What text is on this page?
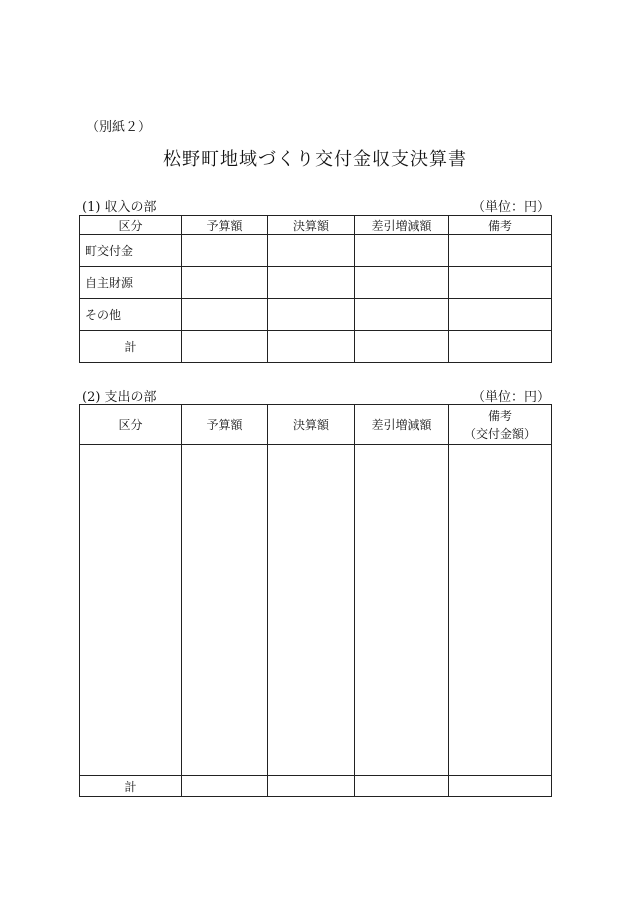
（別紙２）
松野町地域づくり交付金収支決算書
(1) 収入の部	（単位：円）
区分	予算額	決算額	差引増減額	備考
町交付金				
自主財源				
その他				
計				
(2) 支出の部	（単位：円）
区分	予算額	決算額	差引増減額	備考
（交付金額）

計				
